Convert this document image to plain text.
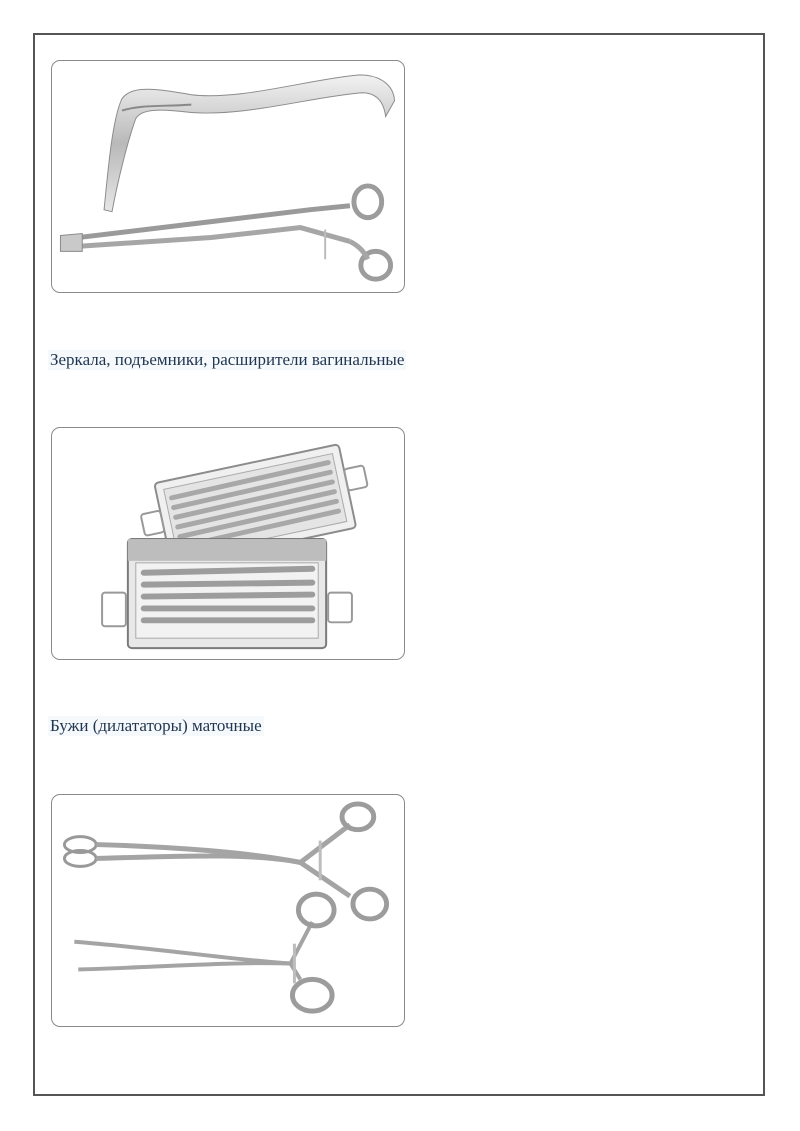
Зеркала, подъемники, расширители вагинальные
Бужи (дилататоры) маточные
